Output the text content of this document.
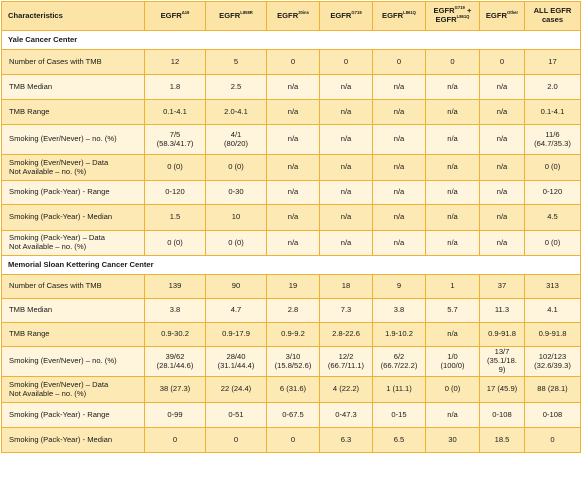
Characteristics	$EGFR^{\Delta 19}$	$EGFR^{L858R}$	$EGFR^{20ins}$	$EGFR^{G719}$	$EGFR^{L861Q}$	$EGFR^{G719}$ +
$EGFR^{L861Q}$	$EGFR^{Other}$	ALL EGFR
cases

Yale Cancer Center								

Number of Cases with TMB	12	5	0	0	0	0	0	17

TMB Median	1.8	2.5	n/a	n/a	n/a	n/a	n/a	2.0

TMB Range	0.1-4.1	2.0-4.1	n/a	n/a	n/a	n/a	n/a	0.1-4.1

Smoking (Ever/Never) – no. (%)	7/5
(58.3/41.7)	4/1
(80/20)	n/a	n/a	n/a	n/a	n/a	11/6
(64.7/35.3)

Smoking (Ever/Never) – Data
Not Available – no. (%)	0 (0)	0 (0)	n/a	n/a	n/a	n/a	n/a	0 (0)

Smoking (Pack-Year) - Range	0-120	0-30	n/a	n/a	n/a	n/a	n/a	0-120

Smoking (Pack-Year) - Median	1.5	10	n/a	n/a	n/a	n/a	n/a	4.5

Smoking (Pack-Year) – Data
Not Available – no. (%)	0 (0)	0 (0)	n/a	n/a	n/a	n/a	n/a	0 (0)

Memorial Sloan Kettering Cancer Center								

Number of Cases with TMB	139	90	19	18	9	1	37	313

TMB Median	3.8	4.7	2.8	7.3	3.8	5.7	11.3	4.1

TMB Range	0.9-30.2	0.9-17.9	0.9-9.2	2.8-22.6	1.9-10.2	n/a	0.9-91.8	0.9-91.8

Smoking (Ever/Never) – no. (%)	39/62
(28.1/44.6)	28/40
(31.1/44.4)	3/10
(15.8/52.6)	12/2
(66.7/11.1)	6/2
(66.7/22.2)	1/0
(100/0)	13/7
(35.1/18.
9)	102/123
(32.6/39.3)

Smoking (Ever/Never) – Data
Not Available – no. (%)	38 (27.3)	22 (24.4)	6 (31.6)	4 (22.2)	1 (11.1)	0 (0)	17 (45.9)	88 (28.1)

Smoking (Pack-Year) - Range	0-99	0-51	0-67.5	0-47.3	0-15	n/a	0-108	0-108

Smoking (Pack-Year) - Median	0	0	0	6.3	6.5	30	18.5	0
